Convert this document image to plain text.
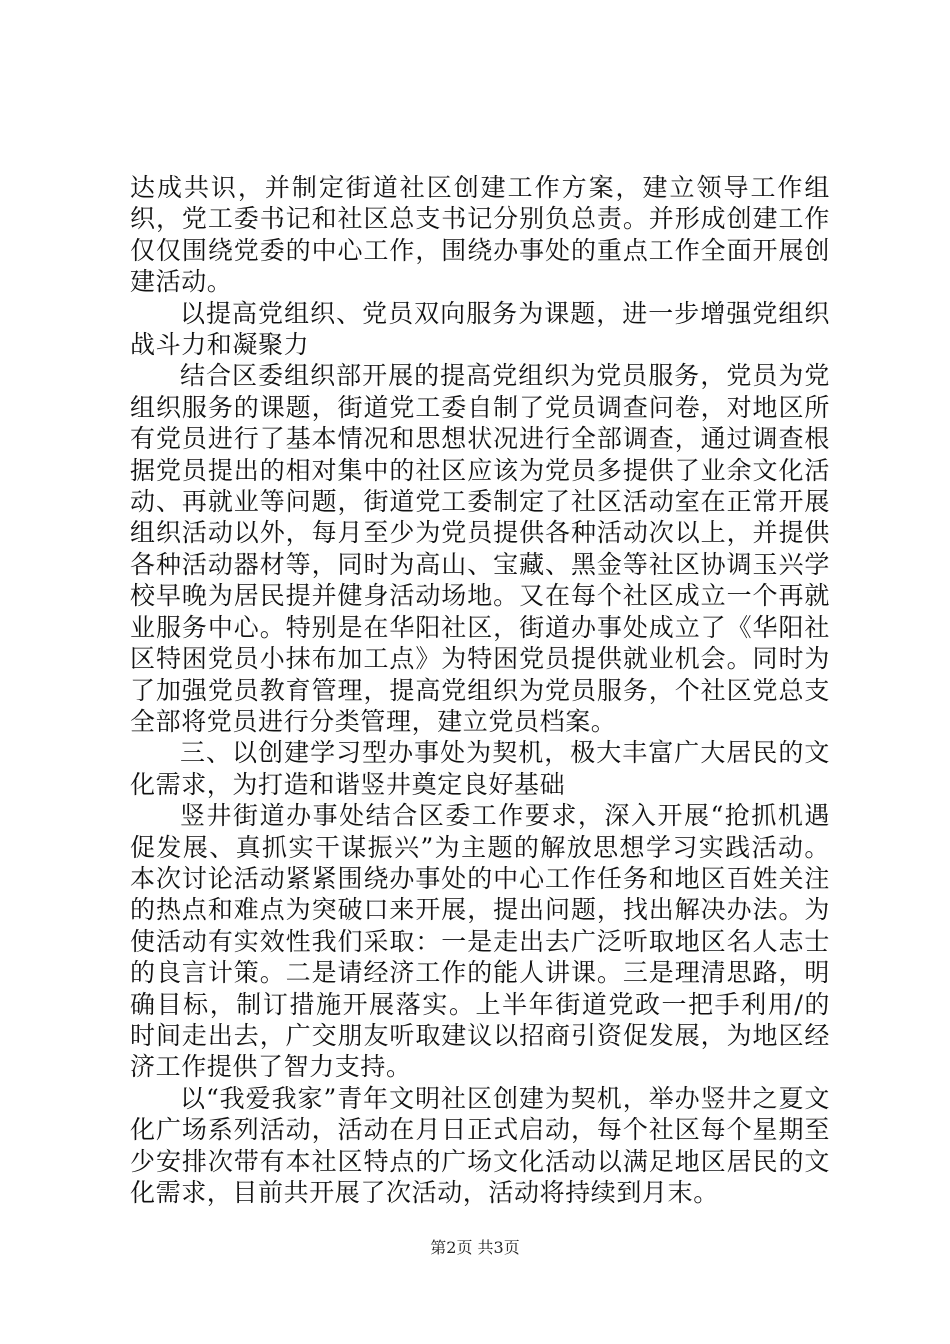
达成共识，并制定街道社区创建工作方案，建立领导工作组织，党工委书记和社区总支书记分别负总责。并形成创建工作仅仅围绕党委的中心工作，围绕办事处的重点工作全面开展创建活动。

以提高党组织、党员双向服务为课题，进一步增强党组织战斗力和凝聚力

结合区委组织部开展的提高党组织为党员服务，党员为党组织服务的课题，街道党工委自制了党员调查问卷，对地区所有党员进行了基本情况和思想状况进行全部调查，通过调查根据党员提出的相对集中的社区应该为党员多提供了业余文化活动、再就业等问题，街道党工委制定了社区活动室在正常开展组织活动以外，每月至少为党员提供各种活动次以上，并提供各种活动器材等，同时为高山、宝藏、黑金等社区协调玉兴学校早晚为居民提并健身活动场地。又在每个社区成立一个再就业服务中心。特别是在华阳社区，街道办事处成立了《华阳社区特困党员小抹布加工点》为特困党员提供就业机会。同时为了加强党员教育管理，提高党组织为党员服务，个社区党总支全部将党员进行分类管理，建立党员档案。

三、以创建学习型办事处为契机，极大丰富广大居民的文化需求，为打造和谐竖井奠定良好基础

竖井街道办事处结合区委工作要求，深入开展“抢抓机遇促发展、真抓实干谋振兴”为主题的解放思想学习实践活动。本次讨论活动紧紧围绕办事处的中心工作任务和地区百姓关注的热点和难点为突破口来开展，提出问题，找出解决办法。为使活动有实效性我们采取：一是走出去广泛听取地区名人志士的良言计策。二是请经济工作的能人讲课。三是理清思路，明确目标，制订措施开展落实。上半年街道党政一把手利用/的时间走出去，广交朋友听取建议以招商引资促发展，为地区经济工作提供了智力支持。

以“我爱我家”青年文明社区创建为契机，举办竖井之夏文化广场系列活动，活动在月日正式启动，每个社区每个星期至少安排次带有本社区特点的广场文化活动以满足地区居民的文化需求，目前共开展了次活动，活动将持续到月末。

第2页 共3页
